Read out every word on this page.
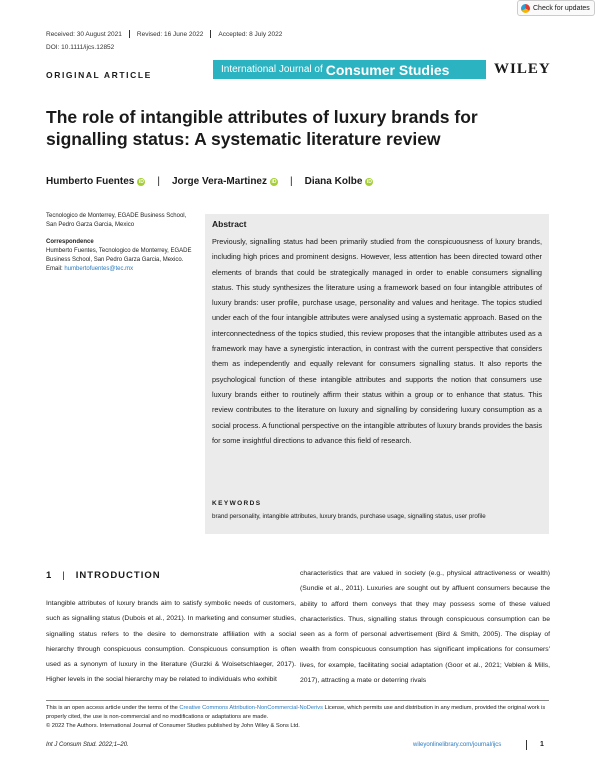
Check for updates
Received: 30 August 2021 Revised: 16 June 2022 Accepted: 8 July 2022
DOI: 10.1111/ijcs.12852
ORIGINAL ARTICLE	International Journal of Consumer Studies	WILEY
The role of intangible attributes of luxury brands for signalling status: A systematic literature review
Humberto Fuentes iD | Jorge Vera-Martinez iD | Diana Kolbe iD
Tecnologico de Monterrey, EGADE Business School, San Pedro Garza Garcia, Mexico
Correspondence
Humberto Fuentes, Tecnologico de Monterrey, EGADE Business School, San Pedro Garza Garcia, Mexico.
Email: humbertofuentes@tec.mx
Abstract
Previously, signalling status had been primarily studied from the conspicuousness of luxury brands, including high prices and prominent designs. However, less attention has been directed toward other elements of brands that could be strategically managed in order to enable consumers signalling status. This study synthesizes the literature using a framework based on four intangible attributes of luxury brands: user profile, purchase usage, personality and values and heritage. The topics studied under each of the four intangible attributes were analysed using a systematic approach. Based on the interconnectedness of the topics studied, this review proposes that the intangible attributes used as a framework may have a synergistic interaction, in contrast with the current perspective that considers them as independently and equally relevant for consumers signalling status. It also reports the psychological function of these intangible attributes and supports the notion that consumers use luxury brands either to routinely affirm their status within a group or to enhance that status. This review contributes to the literature on luxury and signalling by considering luxury consumption as a social process. A functional perspective on the intangible attributes of luxury brands provides the basis for some insightful directions to advance this field of research.
KEYWORDS
brand personality, intangible attributes, luxury brands, purchase usage, signalling status, user profile
1 | INTRODUCTION
Intangible attributes of luxury brands aim to satisfy symbolic needs of customers, such as signalling status (Dubois et al., 2021). In marketing and consumer studies, signalling status refers to the desire to demonstrate affiliation with a social hierarchy through conspicuous consumption. Conspicuous consumption is often used as a synonym of luxury in the literature (Gurzki & Woisetschlaeger, 2017). Higher levels in the social hierarchy may be related to individuals who exhibit
characteristics that are valued in society (e.g., physical attractiveness or wealth) (Sundie et al., 2011). Luxuries are sought out by affluent consumers because the ability to afford them conveys that they may possess some of these valued characteristics. Thus, signalling status through conspicuous consumption can be seen as a form of personal advertisement (Bird & Smith, 2005). The display of wealth from conspicuous consumption has significant implications for consumers' lives, for example, facilitating social adaptation (Goor et al., 2021; Veblen & Mills, 2017), attracting a mate or deterring rivals
This is an open access article under the terms of the Creative Commons Attribution-NonCommercial-NoDerivs License, which permits use and distribution in any medium, provided the original work is properly cited, the use is non-commercial and no modifications or adaptations are made.
© 2022 The Authors. International Journal of Consumer Studies published by John Wiley & Sons Ltd.
Int J Consum Stud. 2022;1–20.	wileyonlinelibrary.com/journal/ijcs	1
